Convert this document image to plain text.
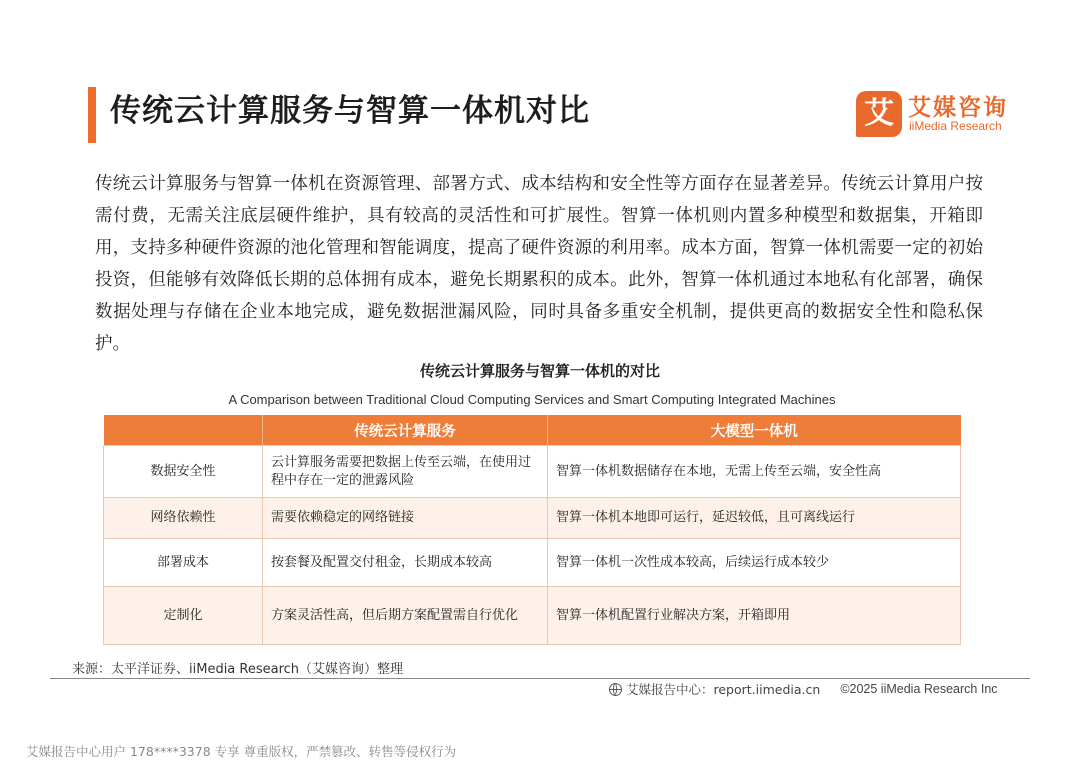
传统云计算服务与智算一体机对比	艾 艾媒咨询
iiMedia Research
传统云计算服务与智算一体机在资源管理、部署方式、成本结构和安全性等方面存在显著差异。传统云计算用户按需付费，无需关注底层硬件维护，具有较高的灵活性和可扩展性。智算一体机则内置多种模型和数据集，开箱即用，支持多种硬件资源的池化管理和智能调度，提高了硬件资源的利用率。成本方面，智算一体机需要一定的初始投资，但能够有效降低长期的总体拥有成本，避免长期累积的成本。此外，智算一体机通过本地私有化部署，确保数据处理与存储在企业本地完成，避免数据泄漏风险，同时具备多重安全机制，提供更高的数据安全性和隐私保护。
传统云计算服务与智算一体机的对比
A Comparison between Traditional Cloud Computing Services and Smart Computing Integrated Machines
	传统云计算服务	大模型一体机
数据安全性	云计算服务需要把数据上传至云端，在使用过程中存在一定的泄露风险	智算一体机数据储存在本地，无需上传至云端，安全性高
网络依赖性	需要依赖稳定的网络链接	智算一体机本地即可运行，延迟较低，且可离线运行
部署成本	按套餐及配置交付租金，长期成本较高	智算一体机一次性成本较高，后续运行成本较少
定制化	方案灵活性高，但后期方案配置需自行优化	智算一体机配置行业解决方案，开箱即用
来源：太平洋证券、iiMedia Research（艾媒咨询）整理
艾媒报告中心：report.iimedia.cn ©2025 iiMedia Research Inc
艾媒报告中心用户 178****3378 专享 尊重版权，严禁篡改、转售等侵权行为
